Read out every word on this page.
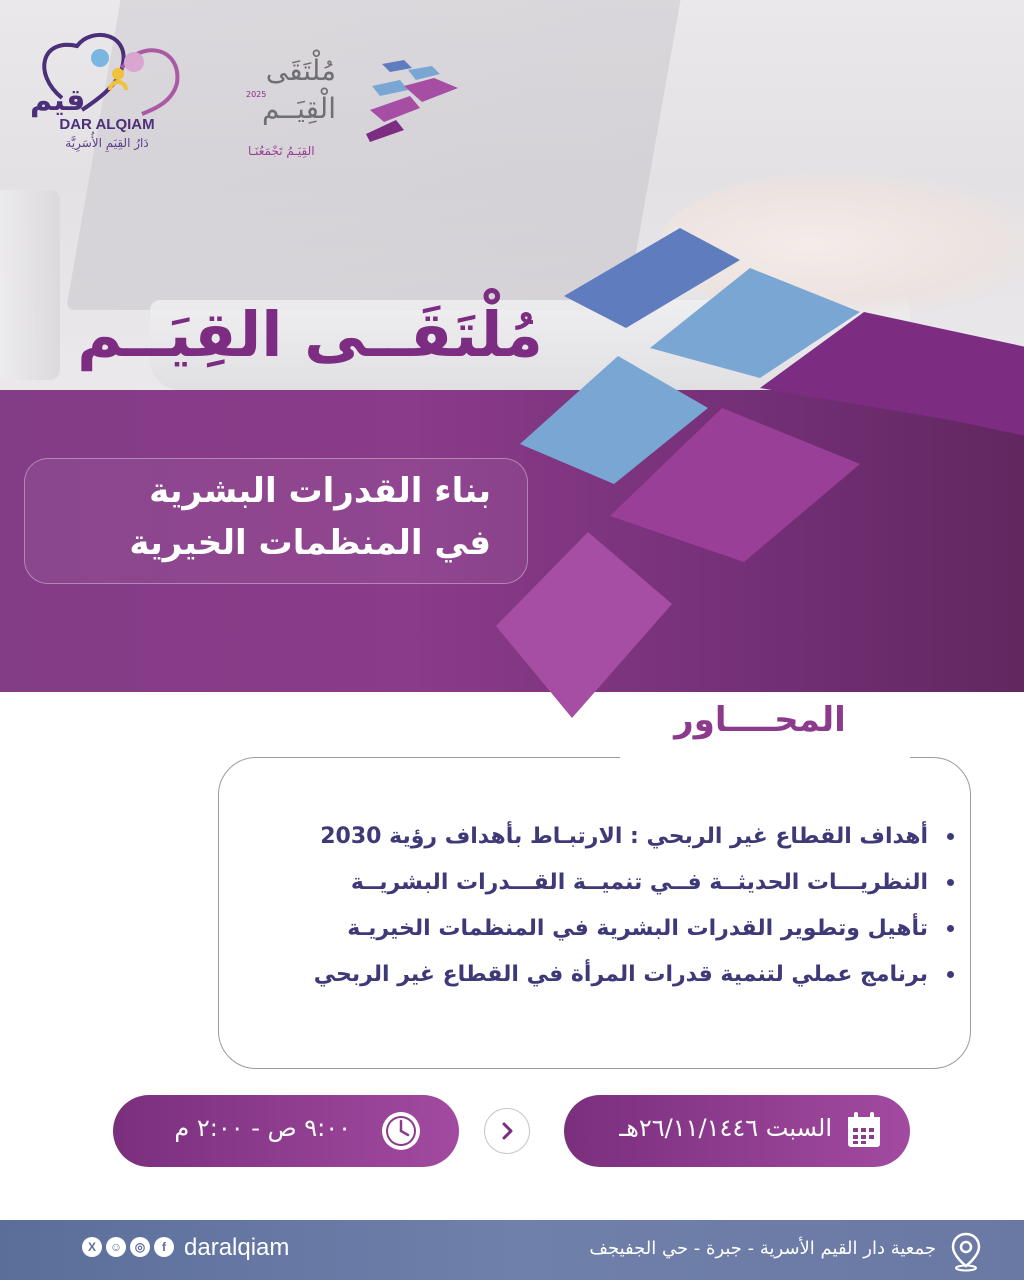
قيم
DAR ALQIAM
دَارُ القِيَمِ الأُسَرِيَّة
مُلْتَقَى
الْقِيَــم
2025
القِيَـمُ تَجْمَعُنَـا
مُلْتَقَــى القِيَــم
بناء القدرات البشرية
في المنظمات الخيرية
المحــــاور
أهداف القطاع غير الربحي : الارتبـاط بأهداف رؤية 2030
النظريـــات الحديثــة فــي تنميــة القـــدرات البشريــة
تأهيل وتطوير القدرات البشرية في المنظمات الخيريـة
برنامج عملي لتنمية قدرات المرأة في القطاع غير الربحي
السبت ٢٦/١١/١٤٤٦هـ
٩:٠٠ ص - ٢:٠٠ م
جمعية دار القيم الأسرية - جبرة - حي الجفيجف
X	☺	◎	f daralqiam
